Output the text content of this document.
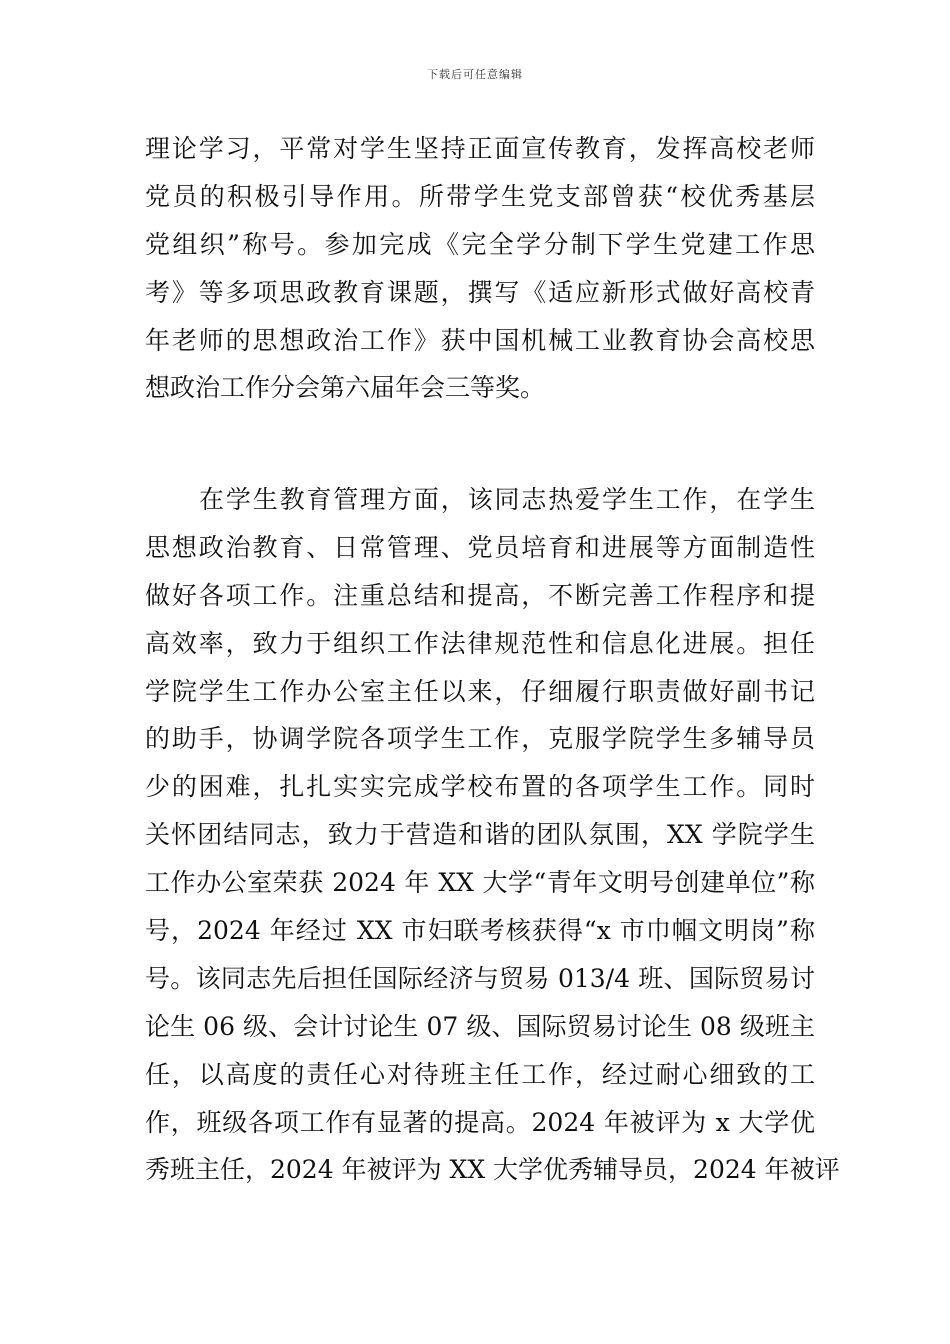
下载后可任意编辑
理论学习，平常对学生坚持正面宣传教育，发挥高校老师
党员的积极引导作用。所带学生党支部曾获“校优秀基层
党组织”称号。参加完成《完全学分制下学生党建工作思
考》等多项思政教育课题，撰写《适应新形式做好高校青
年老师的思想政治工作》获中国机械工业教育协会高校思
想政治工作分会第六届年会三等奖。
在学生教育管理方面，该同志热爱学生工作，在学生
思想政治教育、日常管理、党员培育和进展等方面制造性
做好各项工作。注重总结和提高，不断完善工作程序和提
高效率，致力于组织工作法律规范性和信息化进展。担任
学院学生工作办公室主任以来，仔细履行职责做好副书记
的助手，协调学院各项学生工作，克服学院学生多辅导员
少的困难，扎扎实实完成学校布置的各项学生工作。同时
关怀团结同志，致力于营造和谐的团队氛围，XX 学院学生
工作办公室荣获 2024 年 XX 大学“青年文明号创建单位”称
号，2024 年经过 XX 市妇联考核获得“x 市巾帼文明岗”称
号。该同志先后担任国际经济与贸易 013/4 班、国际贸易讨
论生 06 级、会计讨论生 07 级、国际贸易讨论生 08 级班主
任，以高度的责任心对待班主任工作，经过耐心细致的工
作，班级各项工作有显著的提高。2024 年被评为 x 大学优
秀班主任，2024 年被评为 XX 大学优秀辅导员，2024 年被评
